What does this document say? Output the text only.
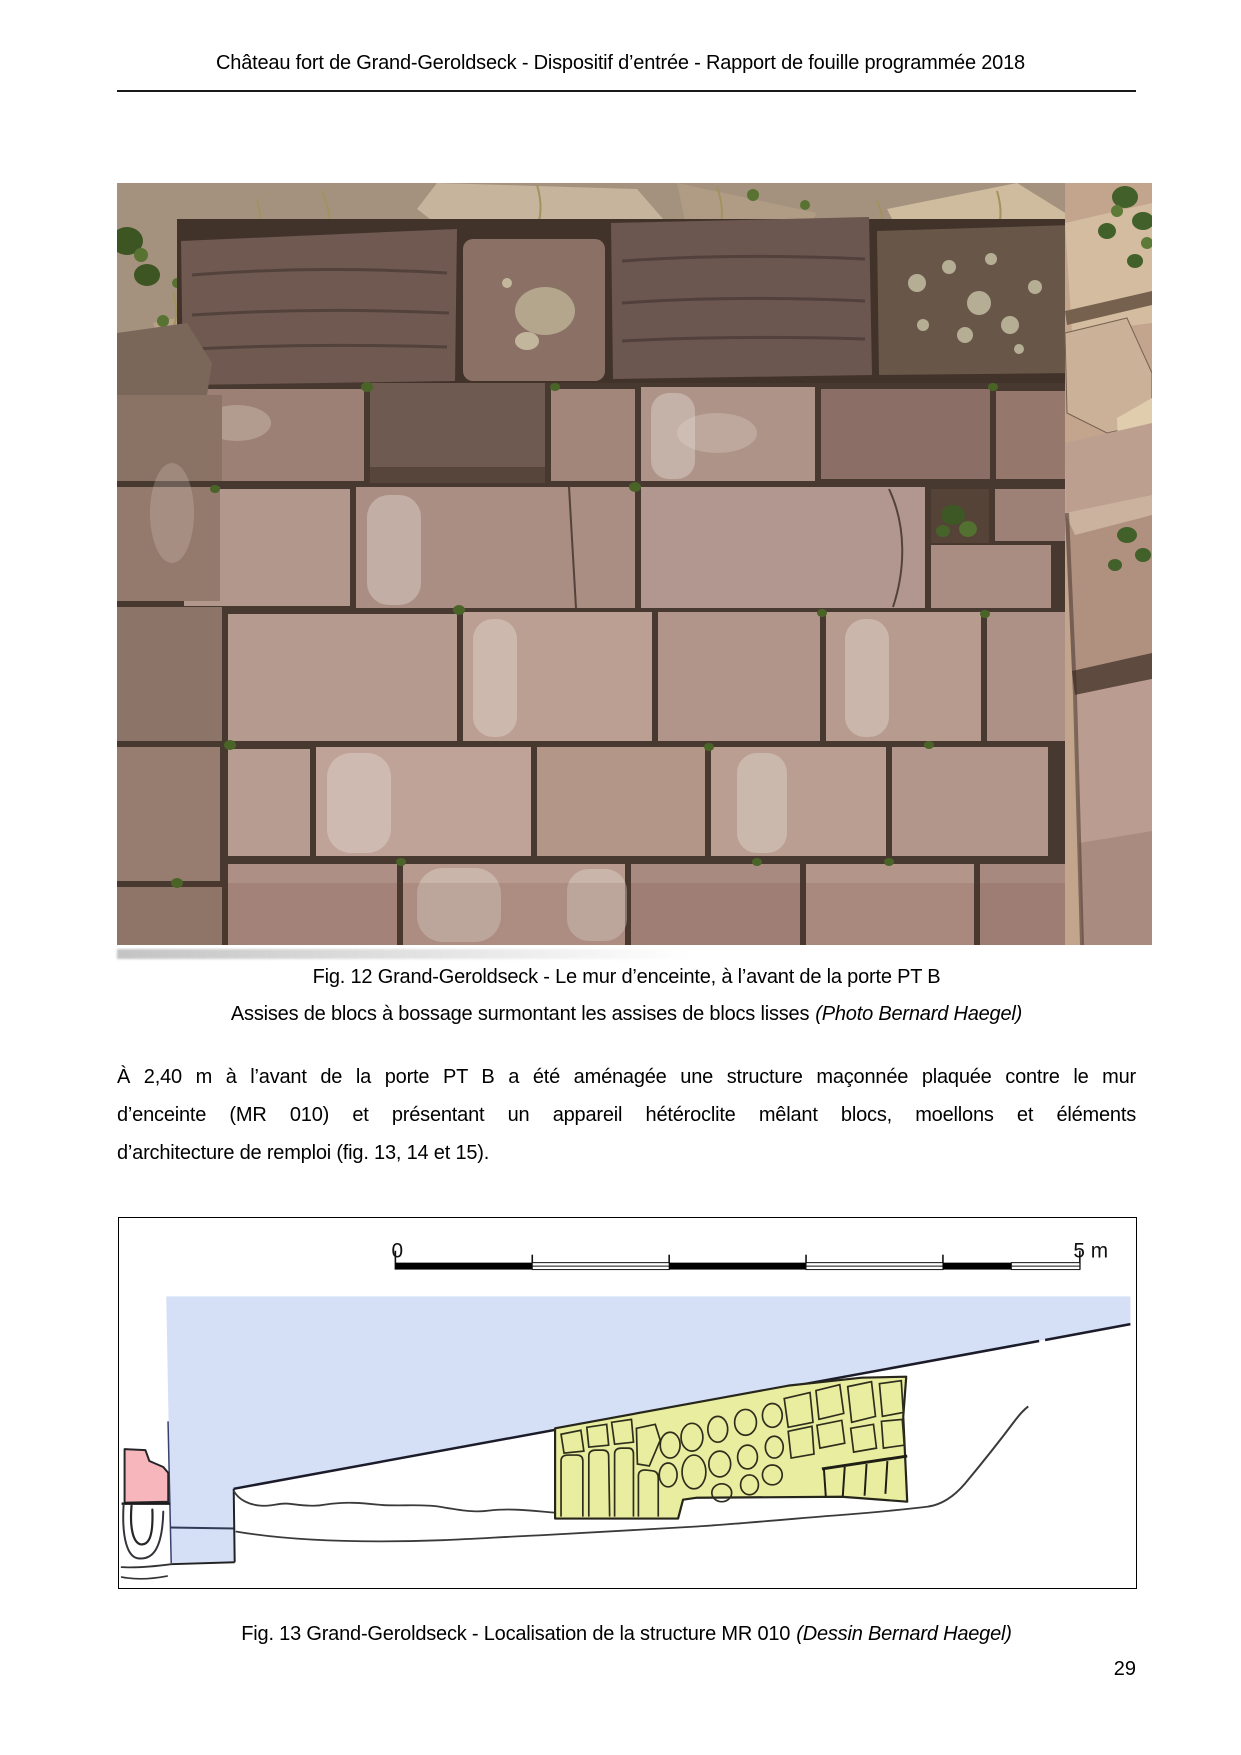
Château fort de Grand-Geroldseck - Dispositif d’entrée - Rapport de fouille programmée 2018
Fig. 12 Grand-Geroldseck - Le mur d’enceinte, à l’avant de la porte PT B
Assises de blocs à bossage surmontant les assises de blocs lisses (Photo Bernard Haegel)
À 2,40 m à l’avant de la porte PT B a été aménagée une structure maçonnée plaquée contre le mur
d’enceinte (MR 010) et présentant un appareil hétéroclite mêlant blocs, moellons et éléments
d’architecture de remploi (fig. 13, 14 et 15).
0	5 m
Fig. 13 Grand-Geroldseck - Localisation de la structure MR 010 (Dessin Bernard Haegel)
29
